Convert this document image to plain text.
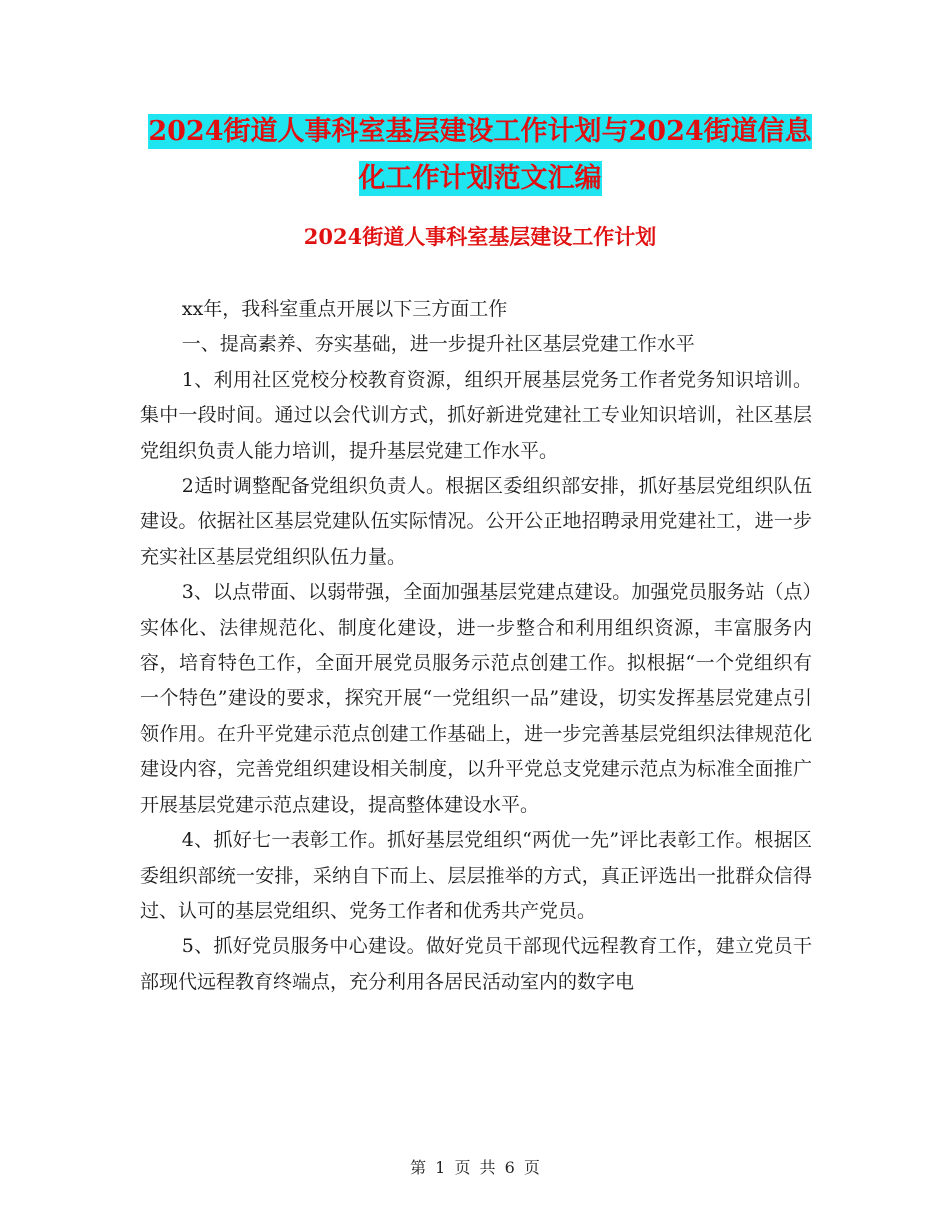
2024街道人事科室基层建设工作计划与2024街道信息
化工作计划范文汇编
2024街道人事科室基层建设工作计划

xx年，我科室重点开展以下三方面工作

一、提高素养、夯实基础，进一步提升社区基层党建工作水平

1、利用社区党校分校教育资源，组织开展基层党务工作者党务知识培训。集中一段时间。通过以会代训方式，抓好新进党建社工专业知识培训，社区基层党组织负责人能力培训，提升基层党建工作水平。

2适时调整配备党组织负责人。根据区委组织部安排，抓好基层党组织队伍建设。依据社区基层党建队伍实际情况。公开公正地招聘录用党建社工，进一步充实社区基层党组织队伍力量。

3、以点带面、以弱带强，全面加强基层党建点建设。加强党员服务站（点）实体化、法律规范化、制度化建设，进一步整合和利用组织资源，丰富服务内容，培育特色工作，全面开展党员服务示范点创建工作。拟根据“一个党组织有一个特色”建设的要求，探究开展“一党组织一品”建设，切实发挥基层党建点引领作用。在升平党建示范点创建工作基础上，进一步完善基层党组织法律规范化建设内容，完善党组织建设相关制度，以升平党总支党建示范点为标准全面推广开展基层党建示范点建设，提高整体建设水平。

4、抓好七一表彰工作。抓好基层党组织“两优一先”评比表彰工作。根据区委组织部统一安排，采纳自下而上、层层推举的方式，真正评选出一批群众信得过、认可的基层党组织、党务工作者和优秀共产党员。

5、抓好党员服务中心建设。做好党员干部现代远程教育工作，建立党员干部现代远程教育终端点，充分利用各居民活动室内的数字电

第 1 页 共 6 页
